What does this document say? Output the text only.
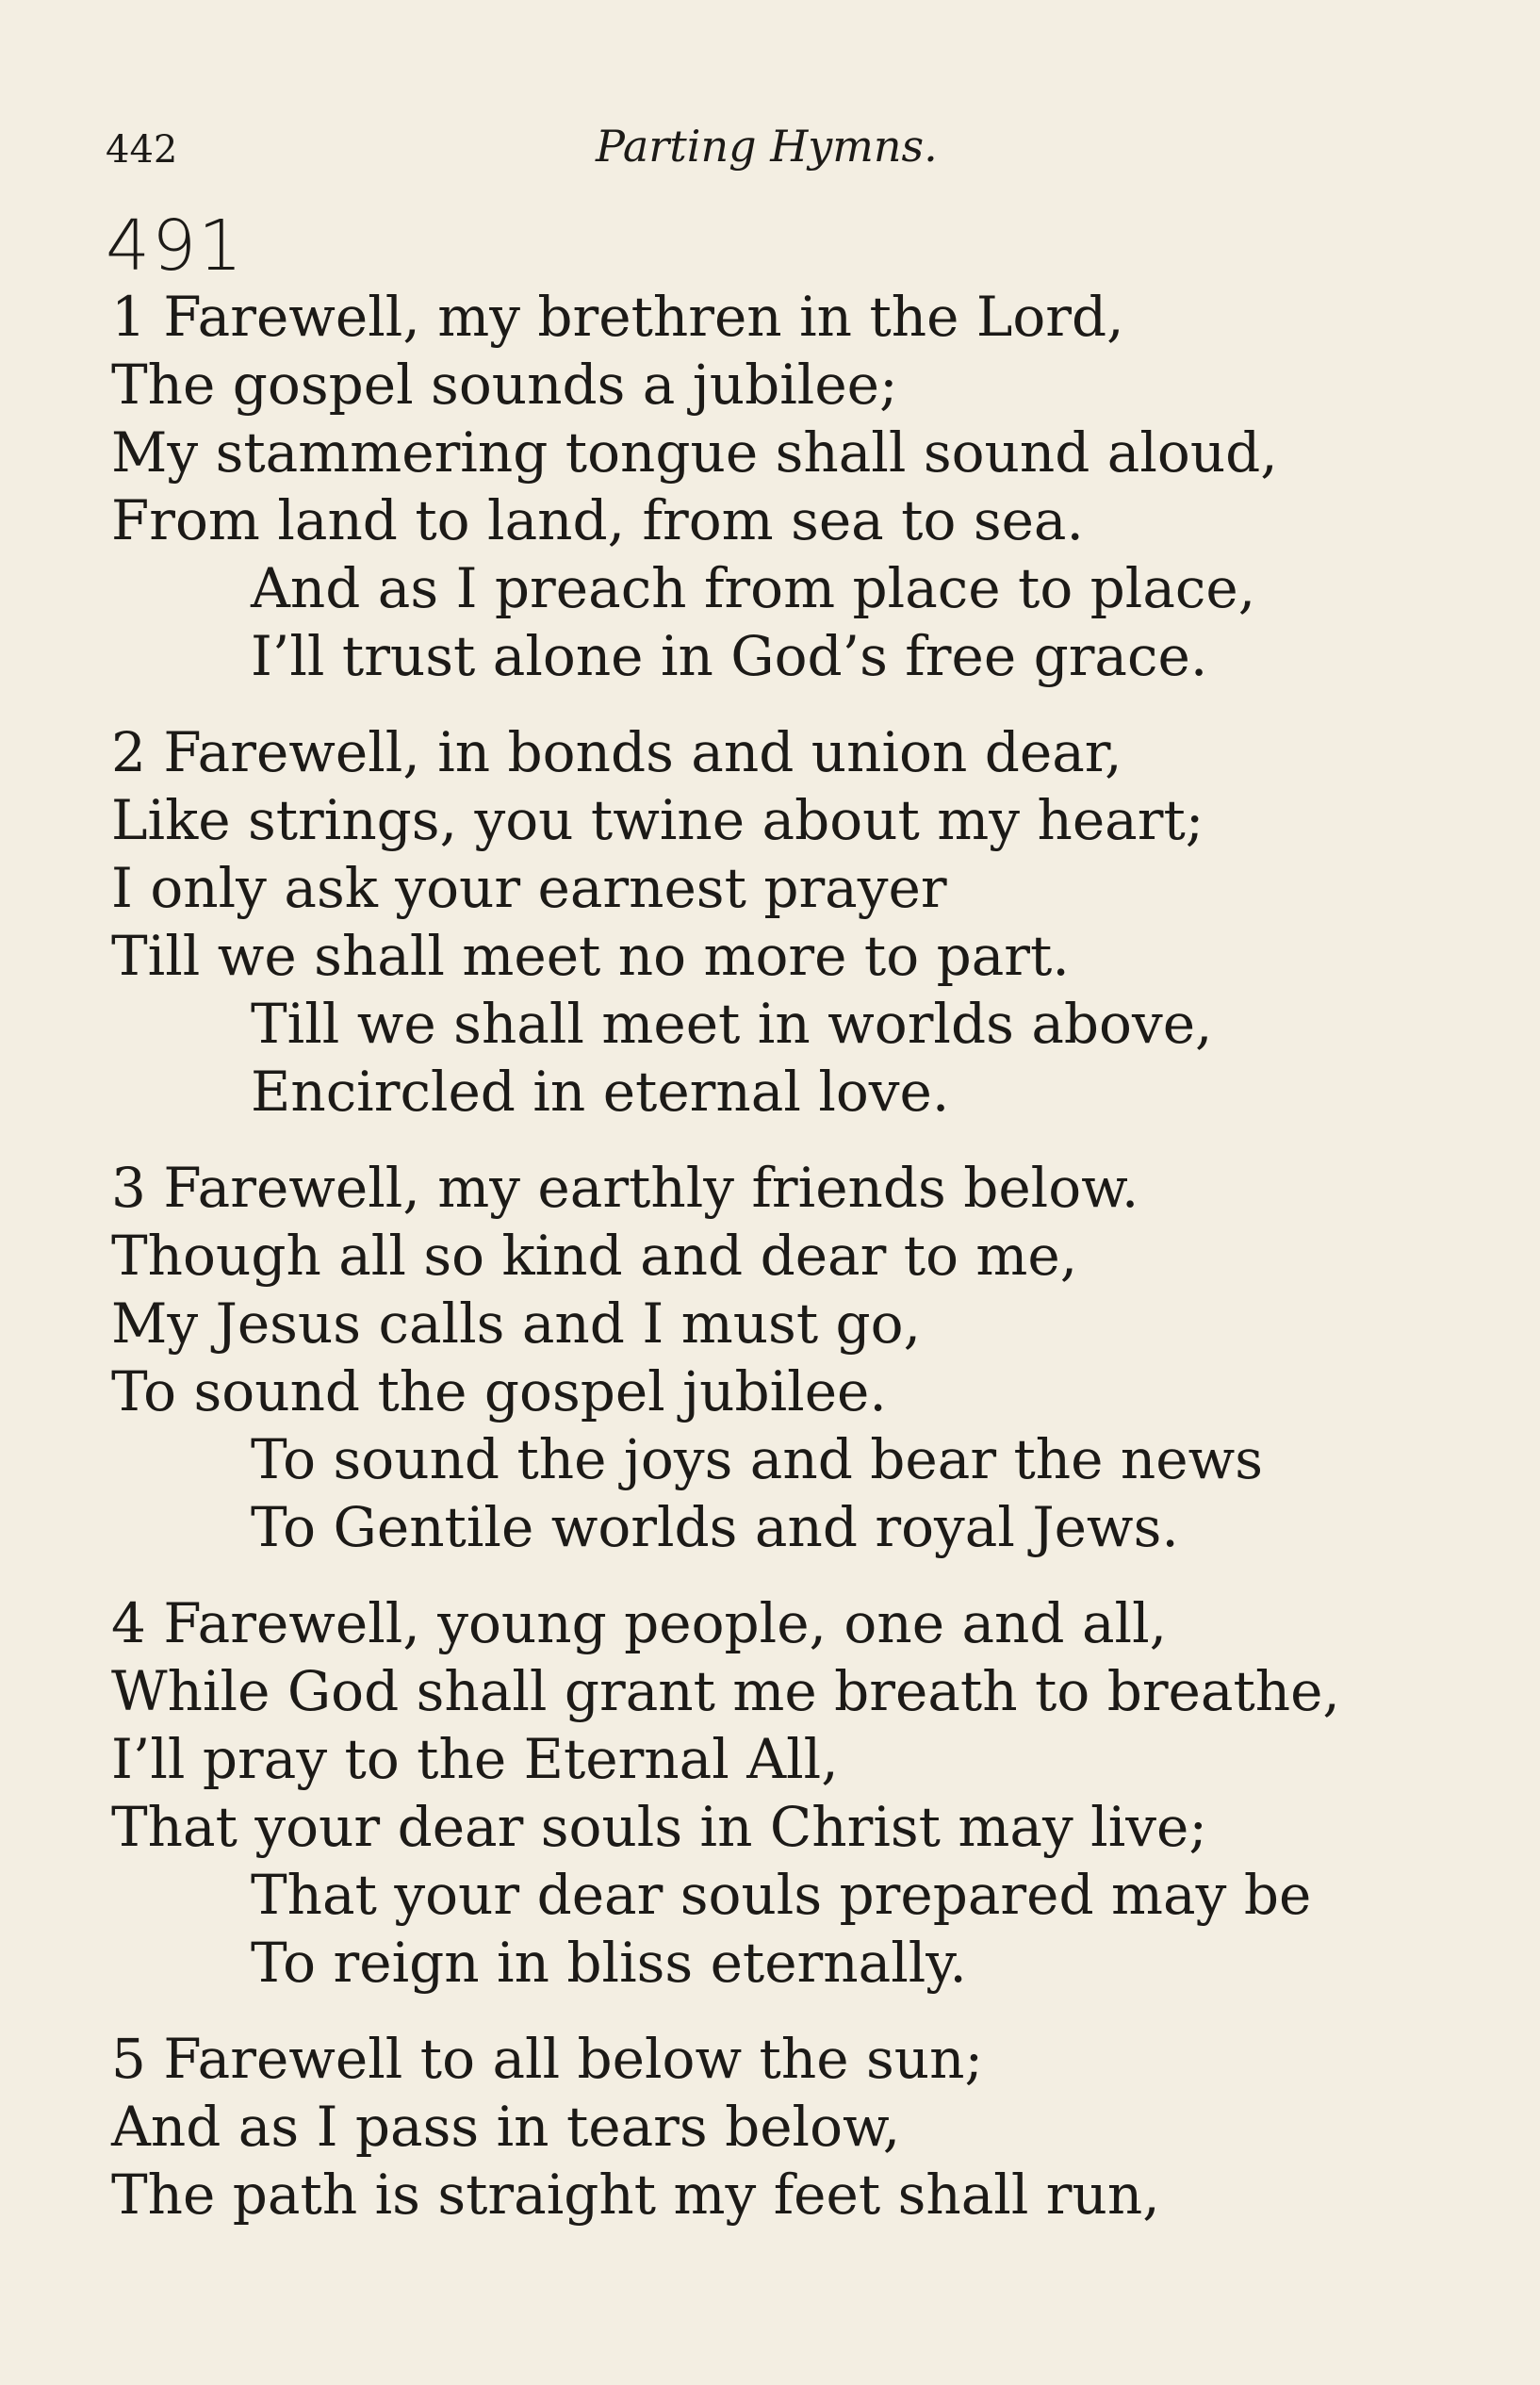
442	Parting Hymns.
491
1 Farewell, my brethren in the Lord,
The gospel sounds a jubilee;
My stammering tongue shall sound aloud,
From land to land, from sea to sea.
And as I preach from place to place,
I’ll trust alone in God’s free grace.
2 Farewell, in bonds and union dear,
Like strings, you twine about my heart;
I only ask your earnest prayer
Till we shall meet no more to part.
Till we shall meet in worlds above,
Encircled in eternal love.
3 Farewell, my earthly friends below.
Though all so kind and dear to me,
My Jesus calls and I must go,
To sound the gospel jubilee.
To sound the joys and bear the news
To Gentile worlds and royal Jews.
4 Farewell, young people, one and all,
While God shall grant me breath to breathe,
I’ll pray to the Eternal All,
That your dear souls in Christ may live;
That your dear souls prepared may be
To reign in bliss eternally.
5 Farewell to all below the sun;
And as I pass in tears below,
The path is straight my feet shall run,
